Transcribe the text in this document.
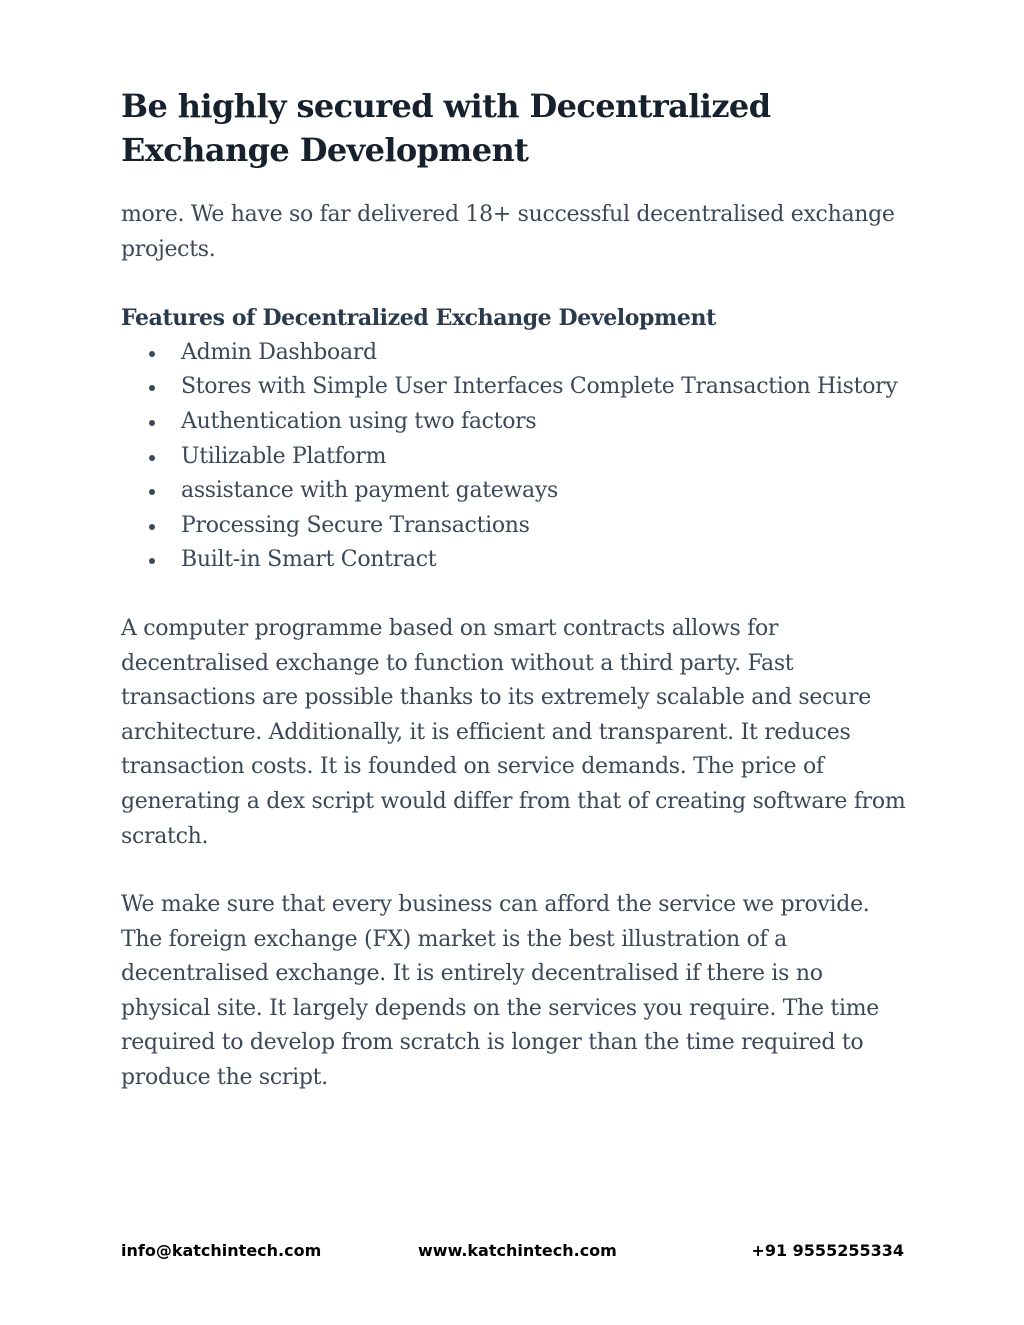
Be highly secured with Decentralized Exchange Development

more. We have so far delivered 18+ successful decentralised exchange projects.

Features of Decentralized Exchange Development
Admin Dashboard
Stores with Simple User Interfaces Complete Transaction History
Authentication using two factors
Utilizable Platform
assistance with payment gateways
Processing Secure Transactions
Built-in Smart Contract

A computer programme based on smart contracts allows for decentralised exchange to function without a third party. Fast transactions are possible thanks to its extremely scalable and secure architecture. Additionally, it is efficient and transparent. It reduces transaction costs. It is founded on service demands. The price of generating a dex script would differ from that of creating software from scratch.

We make sure that every business can afford the service we provide. The foreign exchange (FX) market is the best illustration of a decentralised exchange. It is entirely decentralised if there is no physical site. It largely depends on the services you require. The time required to develop from scratch is longer than the time required to produce the script.

info@katchintech.com	www.katchintech.com	+91 9555255334
